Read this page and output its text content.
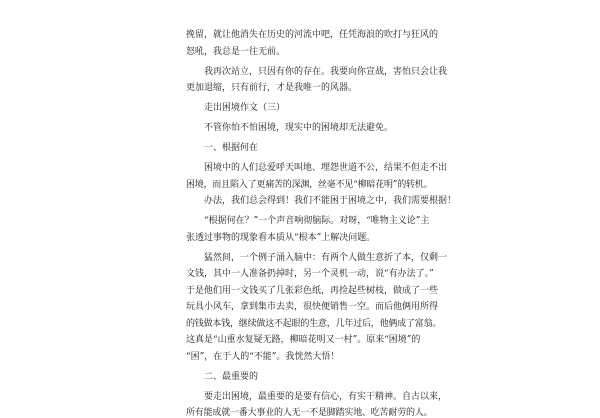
挽留，就让他消失在历史的河流中吧，任凭海浪的吹打与狂风的
怒吼，我总是一往无前。
我再次站立，只因有你的存在。我要向你宣战，害怕只会让我
更加退缩，只有前行，才是我唯一的风器。
走出困境作文（三）
不管你怕不怕困境，现实中的困境却无法避免。
一、根据何在
困境中的人们总爱呼天叫地、埋怨世道不公，结果不但走不出
困境，而且陷入了更痛苦的深渊，丝毫不见“柳暗花明”的转机。
办法，我们总会得到！我们不能困于困境之中，我们需要根据！
“根据何在？”一个声音响彻脑际。对呀，“唯物主义论”主
张透过事物的现象看本质从“根本”上解决问题。
猛然间，一个例子涌入脑中：有两个人做生意折了本，仅剩一
文钱，其中一人准备扔掉时，另一个灵机一动，说“有办法了。”
于是他们用一文钱买了几张彩色纸，再捡起些树枝，做成了一些
玩具小风车，拿到集市去卖，很快便销售一空。而后他俩用所得
的钱做本钱，继续做这不起眼的生意，几年过后，他俩成了富翁。
这真是“山重水复疑无路，柳暗花明又一村”。原来“困境”的
“困”，在于人的“不能”。我恍然大悟！
二、最重要的
要走出困境，最重要的是要有信心，有实干精神。自古以来，
所有能成就一番大事业的人无一不是脚踏实地、吃苦耐劳的人。
